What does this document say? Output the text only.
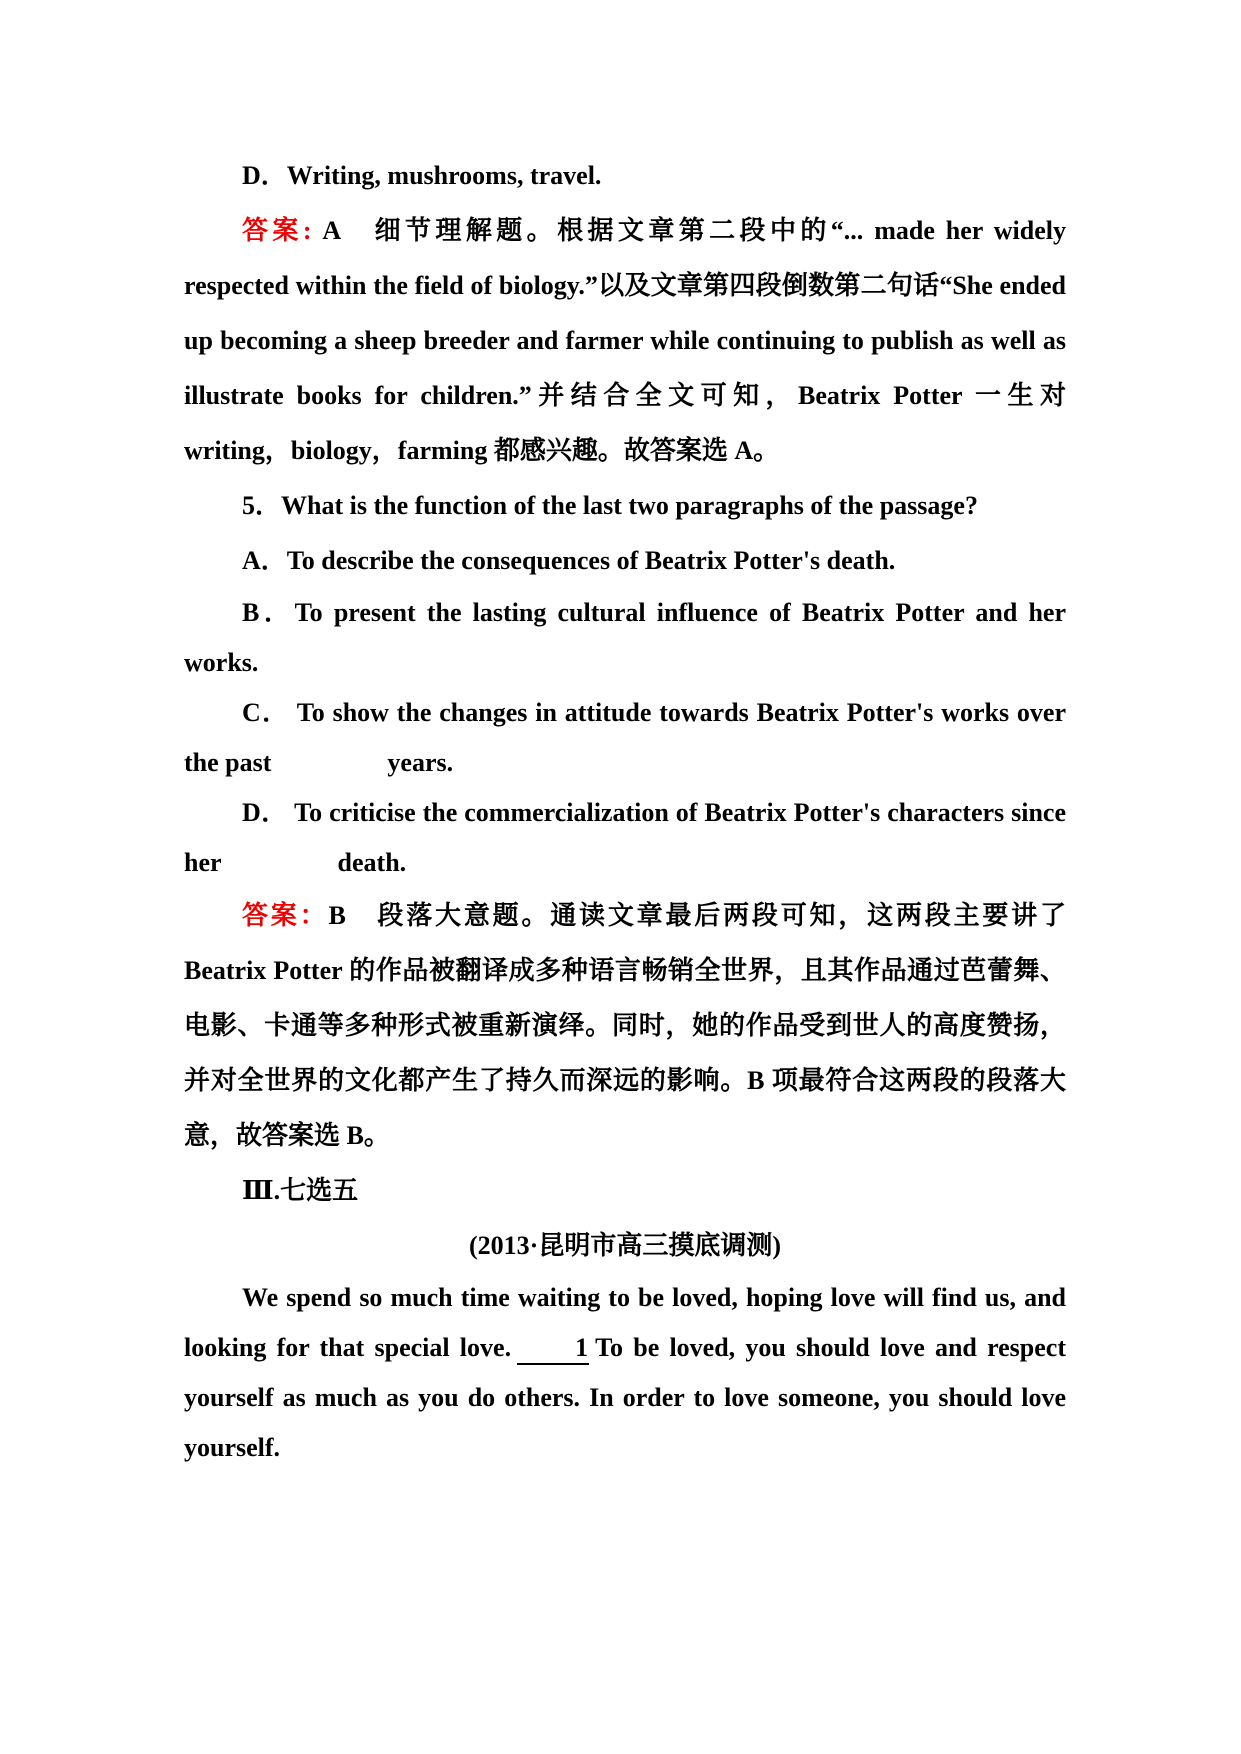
D．Writing, mushrooms, travel.

答案: A　细节理解题。根据文章第二段中的“... made her widely respected within the field of biology.”以及文章第四段倒数第二句话“She ended up becoming a sheep breeder and farmer while continuing to publish as well as illustrate books for children.”并结合全文可知，Beatrix Potter 一生对 writing，biology，farming 都感兴趣。故答案选 A。

5．What is the function of the last two paragraphs of the passage?

A．To describe the consequences of Beatrix Potter's death.

B．To present the lasting cultural influence of Beatrix Potter and her works.

C． To show the changes in attitude towards Beatrix Potter's works over the past	years.

D． To criticise the commercialization of Beatrix Potter's characters since her	death.

答案：B　段落大意题。通读文章最后两段可知，这两段主要讲了 Beatrix Potter 的作品被翻译成多种语言畅销全世界，且其作品通过芭蕾舞、电影、卡通等多种形式被重新演绎。同时，她的作品受到世人的高度赞扬，并对全世界的文化都产生了持久而深远的影响。B 项最符合这两段的段落大意，故答案选 B。

Ⅲ.七选五

(2013·昆明市高三摸底调测)

We spend so much time waiting to be loved, hoping love will find us, and looking for that special love. 1 To be loved, you should love and respect yourself as much as you do others. In order to love someone, you should love yourself.
